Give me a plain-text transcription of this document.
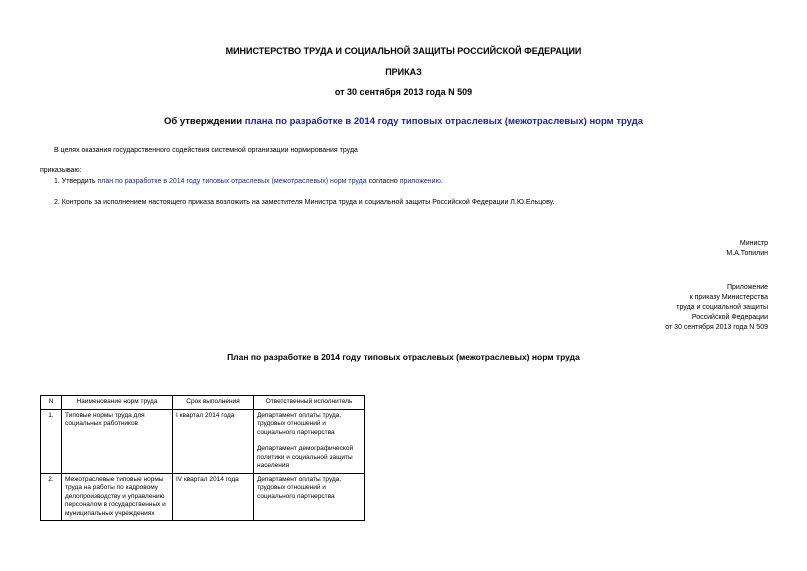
МИНИСТЕРСТВО ТРУДА И СОЦИАЛЬНОЙ ЗАЩИТЫ РОССИЙСКОЙ ФЕДЕРАЦИИ
ПРИКАЗ
от 30 сентября 2013 года N 509
Об утверждении плана по разработке в 2014 году типовых отраслевых (межотраслевых) норм труда
В целях оказания государственного содействия системной организации нормирования труда
приказываю:
1. Утвердить план по разработке в 2014 году типовых отраслевых (межотраслевых) норм труда согласно приложению.
2. Контроль за исполнением настоящего приказа возложить на заместителя Министра труда и социальной защиты Российской Федерации Л.Ю.Ельцову.
Министр
М.А.Топилин
Приложение
к приказу Министерства
труда и социальной защиты
Российской Федерации
от 30 сентября 2013 года N 509
План по разработке в 2014 году типовых отраслевых (межотраслевых) норм труда
N	Наименование норм труда	Срок выполнения	Ответственный исполнитель
1.	Типовые нормы труда для социальных работников	I квартал 2014 года	Департамент оплаты труда, трудовых отношений и социального партнерства
Департамент демографической политики и социальной защиты населения

2.	Межотраслевые типовые нормы труда на работы по кадровому делопроизводству и управлению персоналом в государственных и муниципальных учреждениях	IV квартал 2014 года	Департамент оплаты труда, трудовых отношений и социального партнерства
